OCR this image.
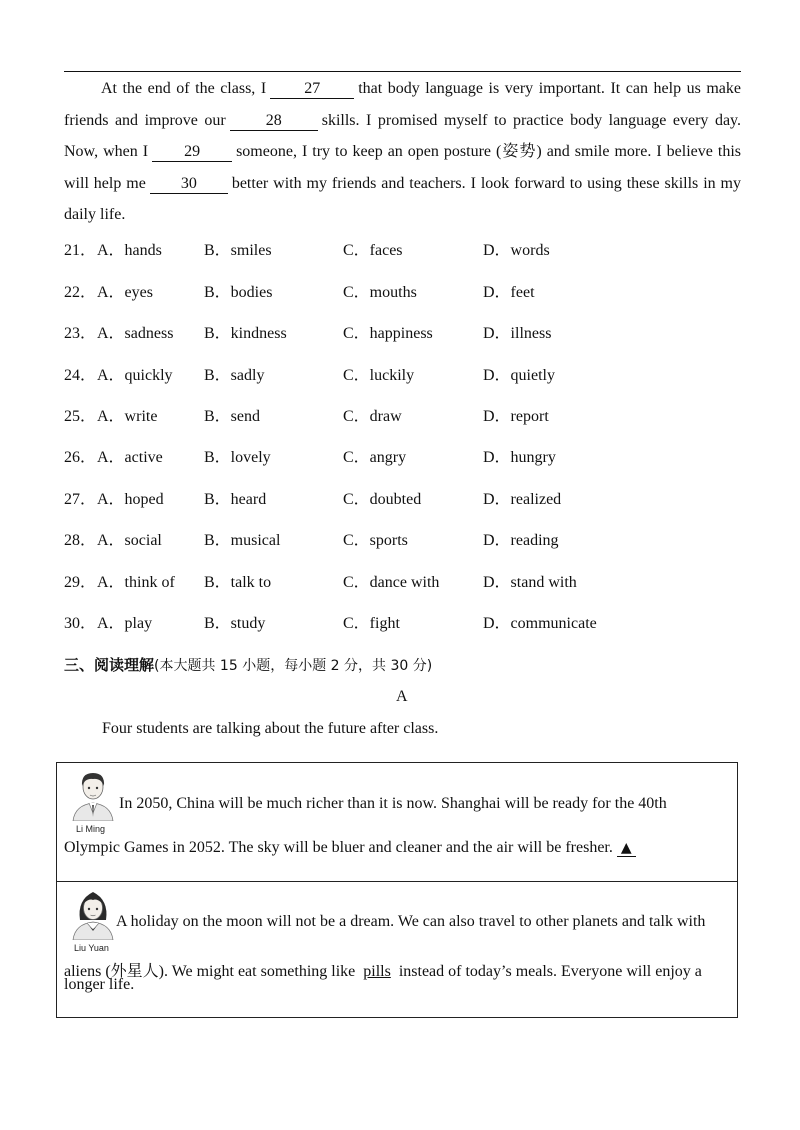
At the end of the class, I 27 that body language is very important. It can help us make friends and improve our	28	skills. I promised myself to practice body language every day. Now, when I 29 someone, I try to keep an open posture (姿势) and smile more. I believe this will help me 30 better with my friends and teachers. I look forward to using these skills in my daily life.
21． A．hands	B．smiles	C．faces	D．words
22． A．eyes	B．bodies	C．mouths	D．feet
23． A．sadness B．kindness	C．happiness	D．illness
24． A．quickly B．sadly	C．luckily	D．quietly
25． A．write	B．send	C．draw	D．report
26． A．active	B．lovely	C．angry	D．hungry
27． A．hoped	B．heard	C．doubted	D．realized
28． A．social	B．musical	C．sports	D．reading
29． A．think of B．talk to	C．dance with	D．stand with
30． A．play	B．study	C．fight	D．communicate
三、阅读理解(本大题共 15 小题，每小题 2 分，共 30 分)
A
Four students are talking about the future after class.
Li Ming
In 2050, China will be much richer than it is now. Shanghai will be ready for the 40th
Olympic Games in 2052. The sky will be bluer and cleaner and the air will be fresher. ▲
Liu Yuan
A holiday on the moon will not be a dream. We can also travel to other planets and talk with
aliens (外星人). We might eat something like pills instead of today’s meals. Everyone will enjoy a
longer life.
